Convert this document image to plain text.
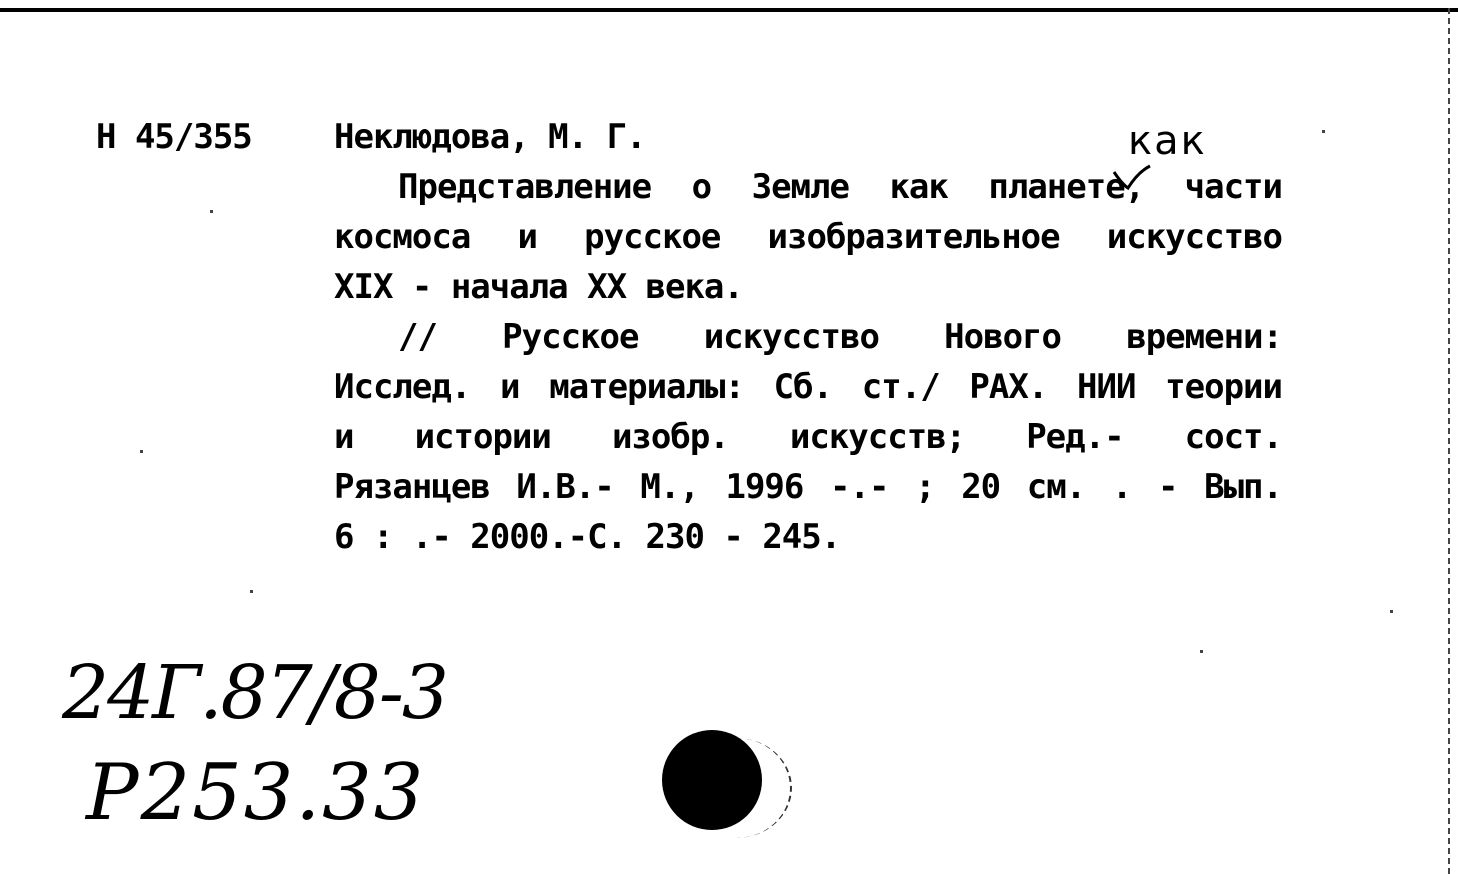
Н 45/355 Неклюдова, М. Г.
Представление о Земле как планете, части
космоса и русское изобразительное искусство
XIX - начала XX века.
// Русское искусство Нового времени:
Исслед. и материалы: Сб. ст./ РАХ. НИИ теории
и истории изобр. искусств; Ред.- сост.
Рязанцев И.В.- М., 1996 -.- ; 20 см. . - Вып.
6 : .- 2000.-С. 230 - 245.
как
24Г.87/8-3
Р253.33
